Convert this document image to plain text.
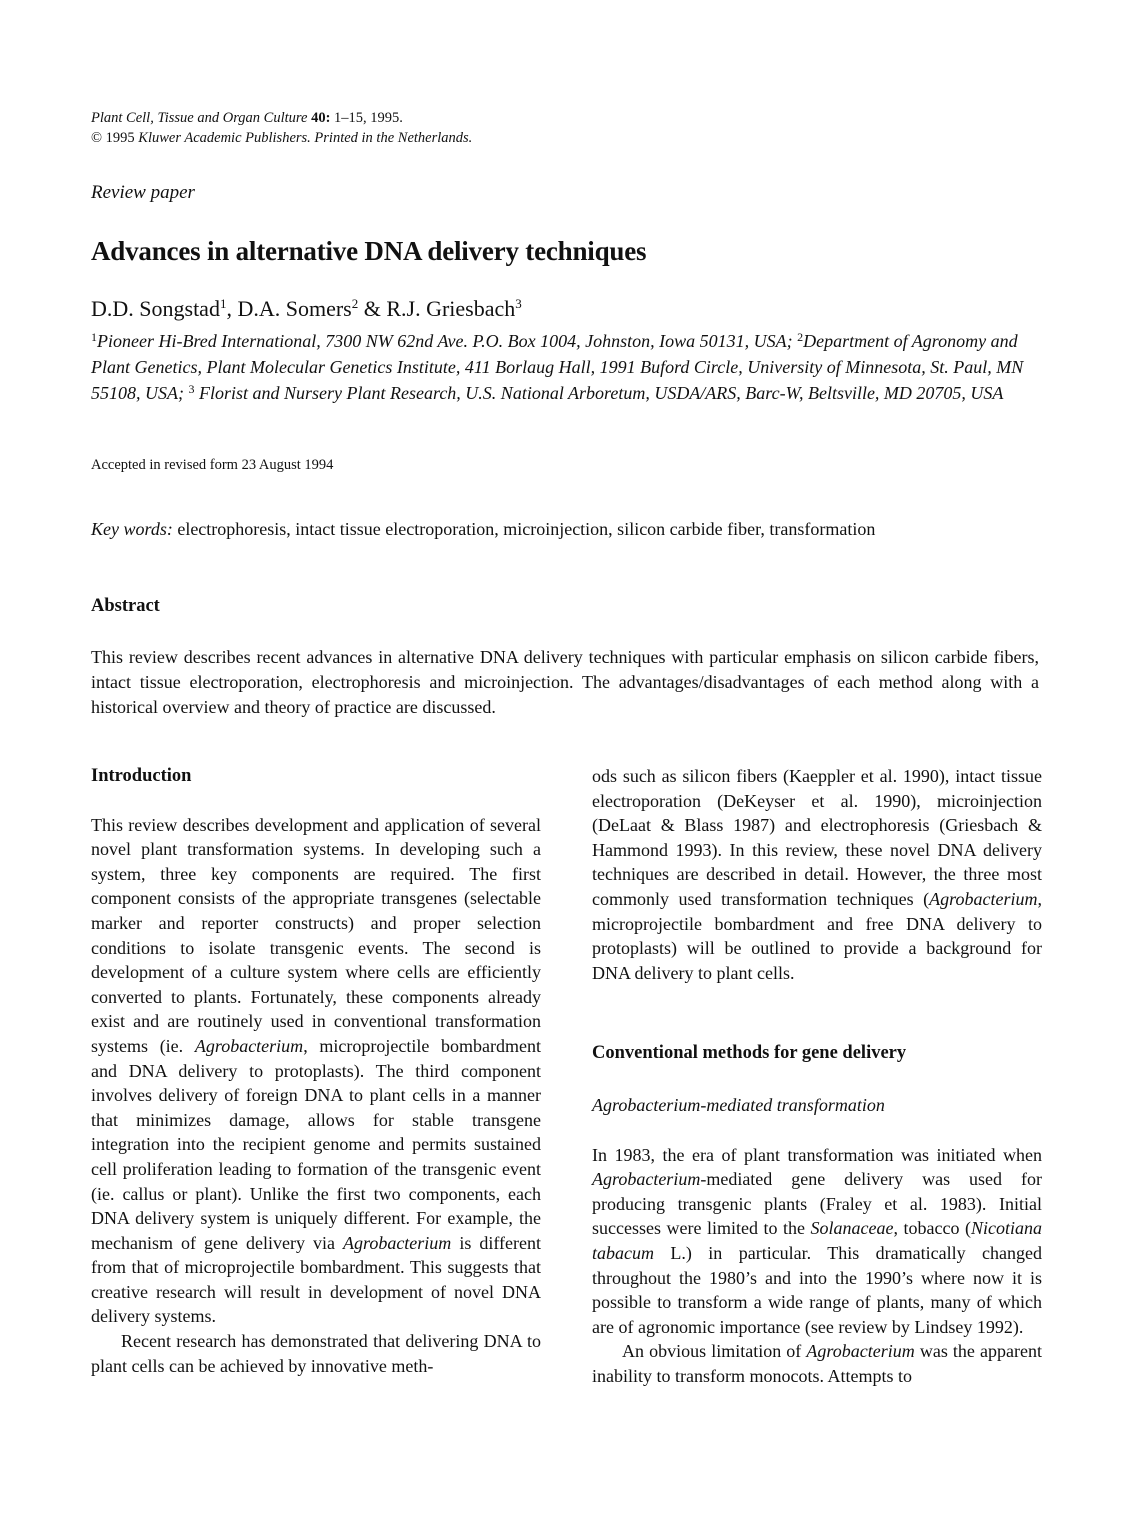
Plant Cell, Tissue and Organ Culture 40: 1–15, 1995.
© 1995 Kluwer Academic Publishers. Printed in the Netherlands.
Review paper
Advances in alternative DNA delivery techniques
D.D. Songstad$^1$, D.A. Somers$^2$ & R.J. Griesbach$^3$
$^1$Pioneer Hi-Bred International, 7300 NW 62nd Ave. P.O. Box 1004, Johnston, Iowa 50131, USA; $^2$Department of Agronomy and Plant Genetics, Plant Molecular Genetics Institute, 411 Borlaug Hall, 1991 Buford Circle, University of Minnesota, St. Paul, MN 55108, USA; $^3$ Florist and Nursery Plant Research, U.S. National Arboretum, USDA/ARS, Barc-W, Beltsville, MD 20705, USA
Accepted in revised form 23 August 1994
Key words: electrophoresis, intact tissue electroporation, microinjection, silicon carbide fiber, transformation
Abstract
This review describes recent advances in alternative DNA delivery techniques with particular emphasis on silicon carbide fibers, intact tissue electroporation, electrophoresis and microinjection. The advantages/disadvantages of each method along with a historical overview and theory of practice are discussed.
Introduction

This review describes development and application of several novel plant transformation systems. In developing such a system, three key components are required. The first component consists of the appropriate transgenes (selectable marker and reporter constructs) and proper selection conditions to isolate transgenic events. The second is development of a culture system where cells are efficiently converted to plants. Fortunately, these components already exist and are routinely used in conventional transformation systems (ie. Agrobacterium, microprojectile bombardment and DNA delivery to protoplasts). The third component involves delivery of foreign DNA to plant cells in a manner that minimizes damage, allows for stable transgene integration into the recipient genome and permits sustained cell proliferation leading to formation of the transgenic event (ie. callus or plant). Unlike the first two components, each DNA delivery system is uniquely different. For example, the mechanism of gene delivery via Agrobacterium is different from that of microprojectile bombardment. This suggests that creative research will result in development of novel DNA delivery systems.

Recent research has demonstrated that delivering DNA to plant cells can be achieved by innovative meth-

ods such as silicon fibers (Kaeppler et al. 1990), intact tissue electroporation (DeKeyser et al. 1990), microinjection (DeLaat & Blass 1987) and electrophoresis (Griesbach & Hammond 1993). In this review, these novel DNA delivery techniques are described in detail. However, the three most commonly used transformation techniques (Agrobacterium, microprojectile bombardment and free DNA delivery to protoplasts) will be outlined to provide a background for DNA delivery to plant cells.

Conventional methods for gene delivery
Agrobacterium-mediated transformation

In 1983, the era of plant transformation was initiated when Agrobacterium-mediated gene delivery was used for producing transgenic plants (Fraley et al. 1983). Initial successes were limited to the Solanaceae, tobacco (Nicotiana tabacum L.) in particular. This dramatically changed throughout the 1980’s and into the 1990’s where now it is possible to transform a wide range of plants, many of which are of agronomic importance (see review by Lindsey 1992).

An obvious limitation of Agrobacterium was the apparent inability to transform monocots. Attempts to
